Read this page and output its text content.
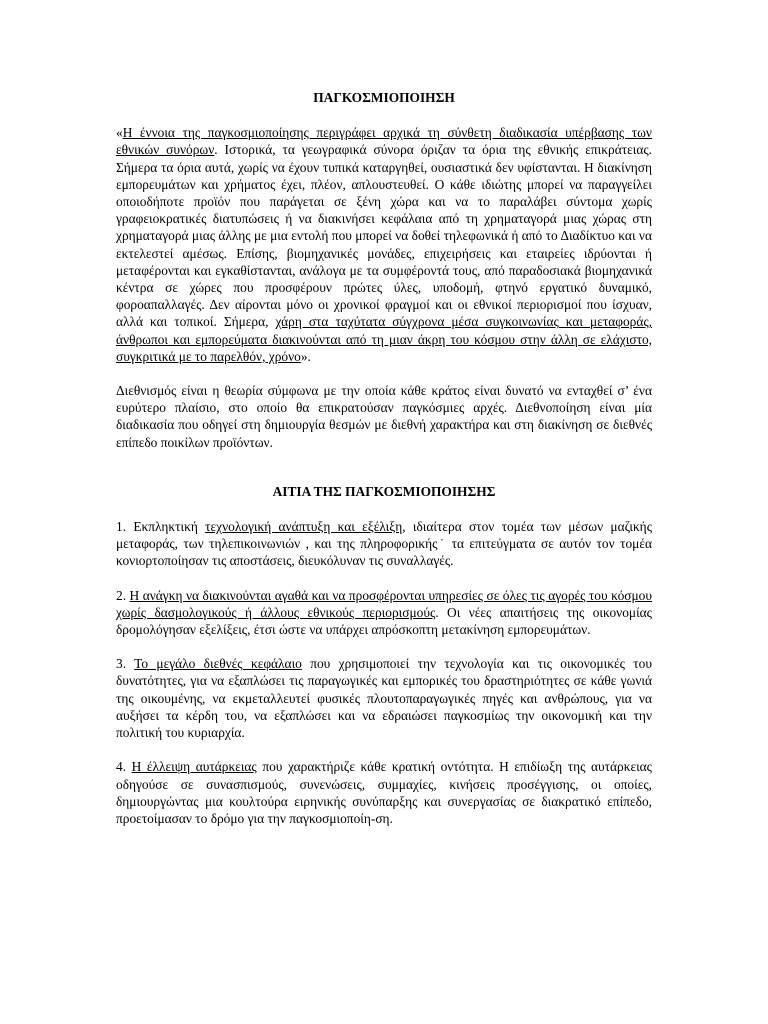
ΠΑΓΚΟΣΜΙΟΠΟΙΗΣΗ

«Η έννοια της παγκοσμιοποίησης περιγράφει αρχικά τη σύνθετη διαδικασία υπέρβασης των εθνικών συνόρων. Ιστορικά, τα γεωγραφικά σύνορα όριζαν τα όρια της εθνικής επικράτειας. Σήμερα τα όρια αυτά, χωρίς να έχουν τυπικά καταργηθεί, ουσιαστικά δεν υφίστανται. Η διακίνηση εμπορευμάτων και χρήματος έχει, πλέον, απλουστευθεί. Ο κάθε ιδιώτης μπορεί να παραγγείλει οποιοδήποτε προϊόν που παράγεται σε ξένη χώρα και να το παραλάβει σύντομα χωρίς γραφειοκρατικές διατυπώσεις ή να διακινήσει κεφάλαια από τη χρηματαγορά μιας χώρας στη χρηματαγορά μιας άλλης με μια εντολή που μπορεί να δοθεί τηλεφωνικά ή από το Διαδίκτυο και να εκτελεστεί αμέσως. Επίσης, βιομηχανικές μονάδες, επιχειρήσεις και εταιρείες ιδρύονται ή μεταφέρονται και εγκαθίστανται, ανάλογα με τα συμφέροντά τους, από παραδοσιακά βιομηχανικά κέντρα σε χώρες που προσφέρουν πρώτες ύλες, υποδομή, φτηνό εργατικό δυναμικό, φοροαπαλλαγές. Δεν αίρονται μόνο οι χρονικοί φραγμοί και οι εθνικοί περιορισμοί που ίσχυαν, αλλά και τοπικοί. Σήμερα, χάρη στα ταχύτατα σύγχρονα μέσα συγκοινωνίας και μεταφοράς, άνθρωποι και εμπορεύματα διακινούνται από τη μιαν άκρη του κόσμου στην άλλη σε ελάχιστο, συγκριτικά με το παρελθόν, χρόνο».

Διεθνισμός είναι η θεωρία σύμφωνα με την οποία κάθε κράτος είναι δυνατό να ενταχθεί σ’ ένα ευρύτερο πλαίσιο, στο οποίο θα επικρατούσαν παγκόσμιες αρχές. Διεθνοποίηση είναι μία διαδικασία που οδηγεί στη δημιουργία θεσμών με διεθνή χαρακτήρα και στη διακίνηση σε διεθνές επίπεδο ποικίλων προϊόντων.

ΑΙΤΙΑ ΤΗΣ ΠΑΓΚΟΣΜΙΟΠΟΙΗΣΗΣ

1. Εκπληκτική τεχνολογική ανάπτυξη και εξέλιξη, ιδιαίτερα στον τομέα των μέσων μαζικής μεταφοράς, των τηλεπικοινωνιών , και της πληροφορικής˙ τα επιτεύγματα σε αυτόν τον τομέα κονιορτοποίησαν τις αποστάσεις, διευκόλυναν τις συναλλαγές.

2. Η ανάγκη να διακινούνται αγαθά και να προσφέρονται υπηρεσίες σε όλες τις αγορές του κόσμου χωρίς δασμολογικούς ή άλλους εθνικούς περιορισμούς. Οι νέες απαιτήσεις της οικονομίας δρομολόγησαν εξελίξεις, έτσι ώστε να υπάρχει απρόσκοπτη μετακίνηση εμπορευμάτων.

3. Το μεγάλο διεθνές κεφάλαιο που χρησιμοποιεί την τεχνολογία και τις οικονομικές του δυνατότητες, για να εξαπλώσει τις παραγωγικές και εμπορικές του δραστηριότητες σε κάθε γωνιά της οικουμένης, να εκμεταλλευτεί φυσικές πλουτοπαραγωγικές πηγές και ανθρώπους, για να αυξήσει τα κέρδη του, να εξαπλώσει και να εδραιώσει παγκοσμίως την οικονομική και την πολιτική του κυριαρχία.

4. Η έλλειψη αυτάρκειας που χαρακτήριζε κάθε κρατική οντότητα. Η επιδίωξη της αυτάρκειας οδηγούσε σε συνασπισμούς, συνενώσεις, συμμαχίες, κινήσεις προσέγγισης, οι οποίες, δημιουργώντας μια κουλτούρα ειρηνικής συνύπαρξης και συνεργασίας σε διακρατικό επίπεδο, προετοίμασαν το δρόμο για την παγκοσμιοποίη-ση.
